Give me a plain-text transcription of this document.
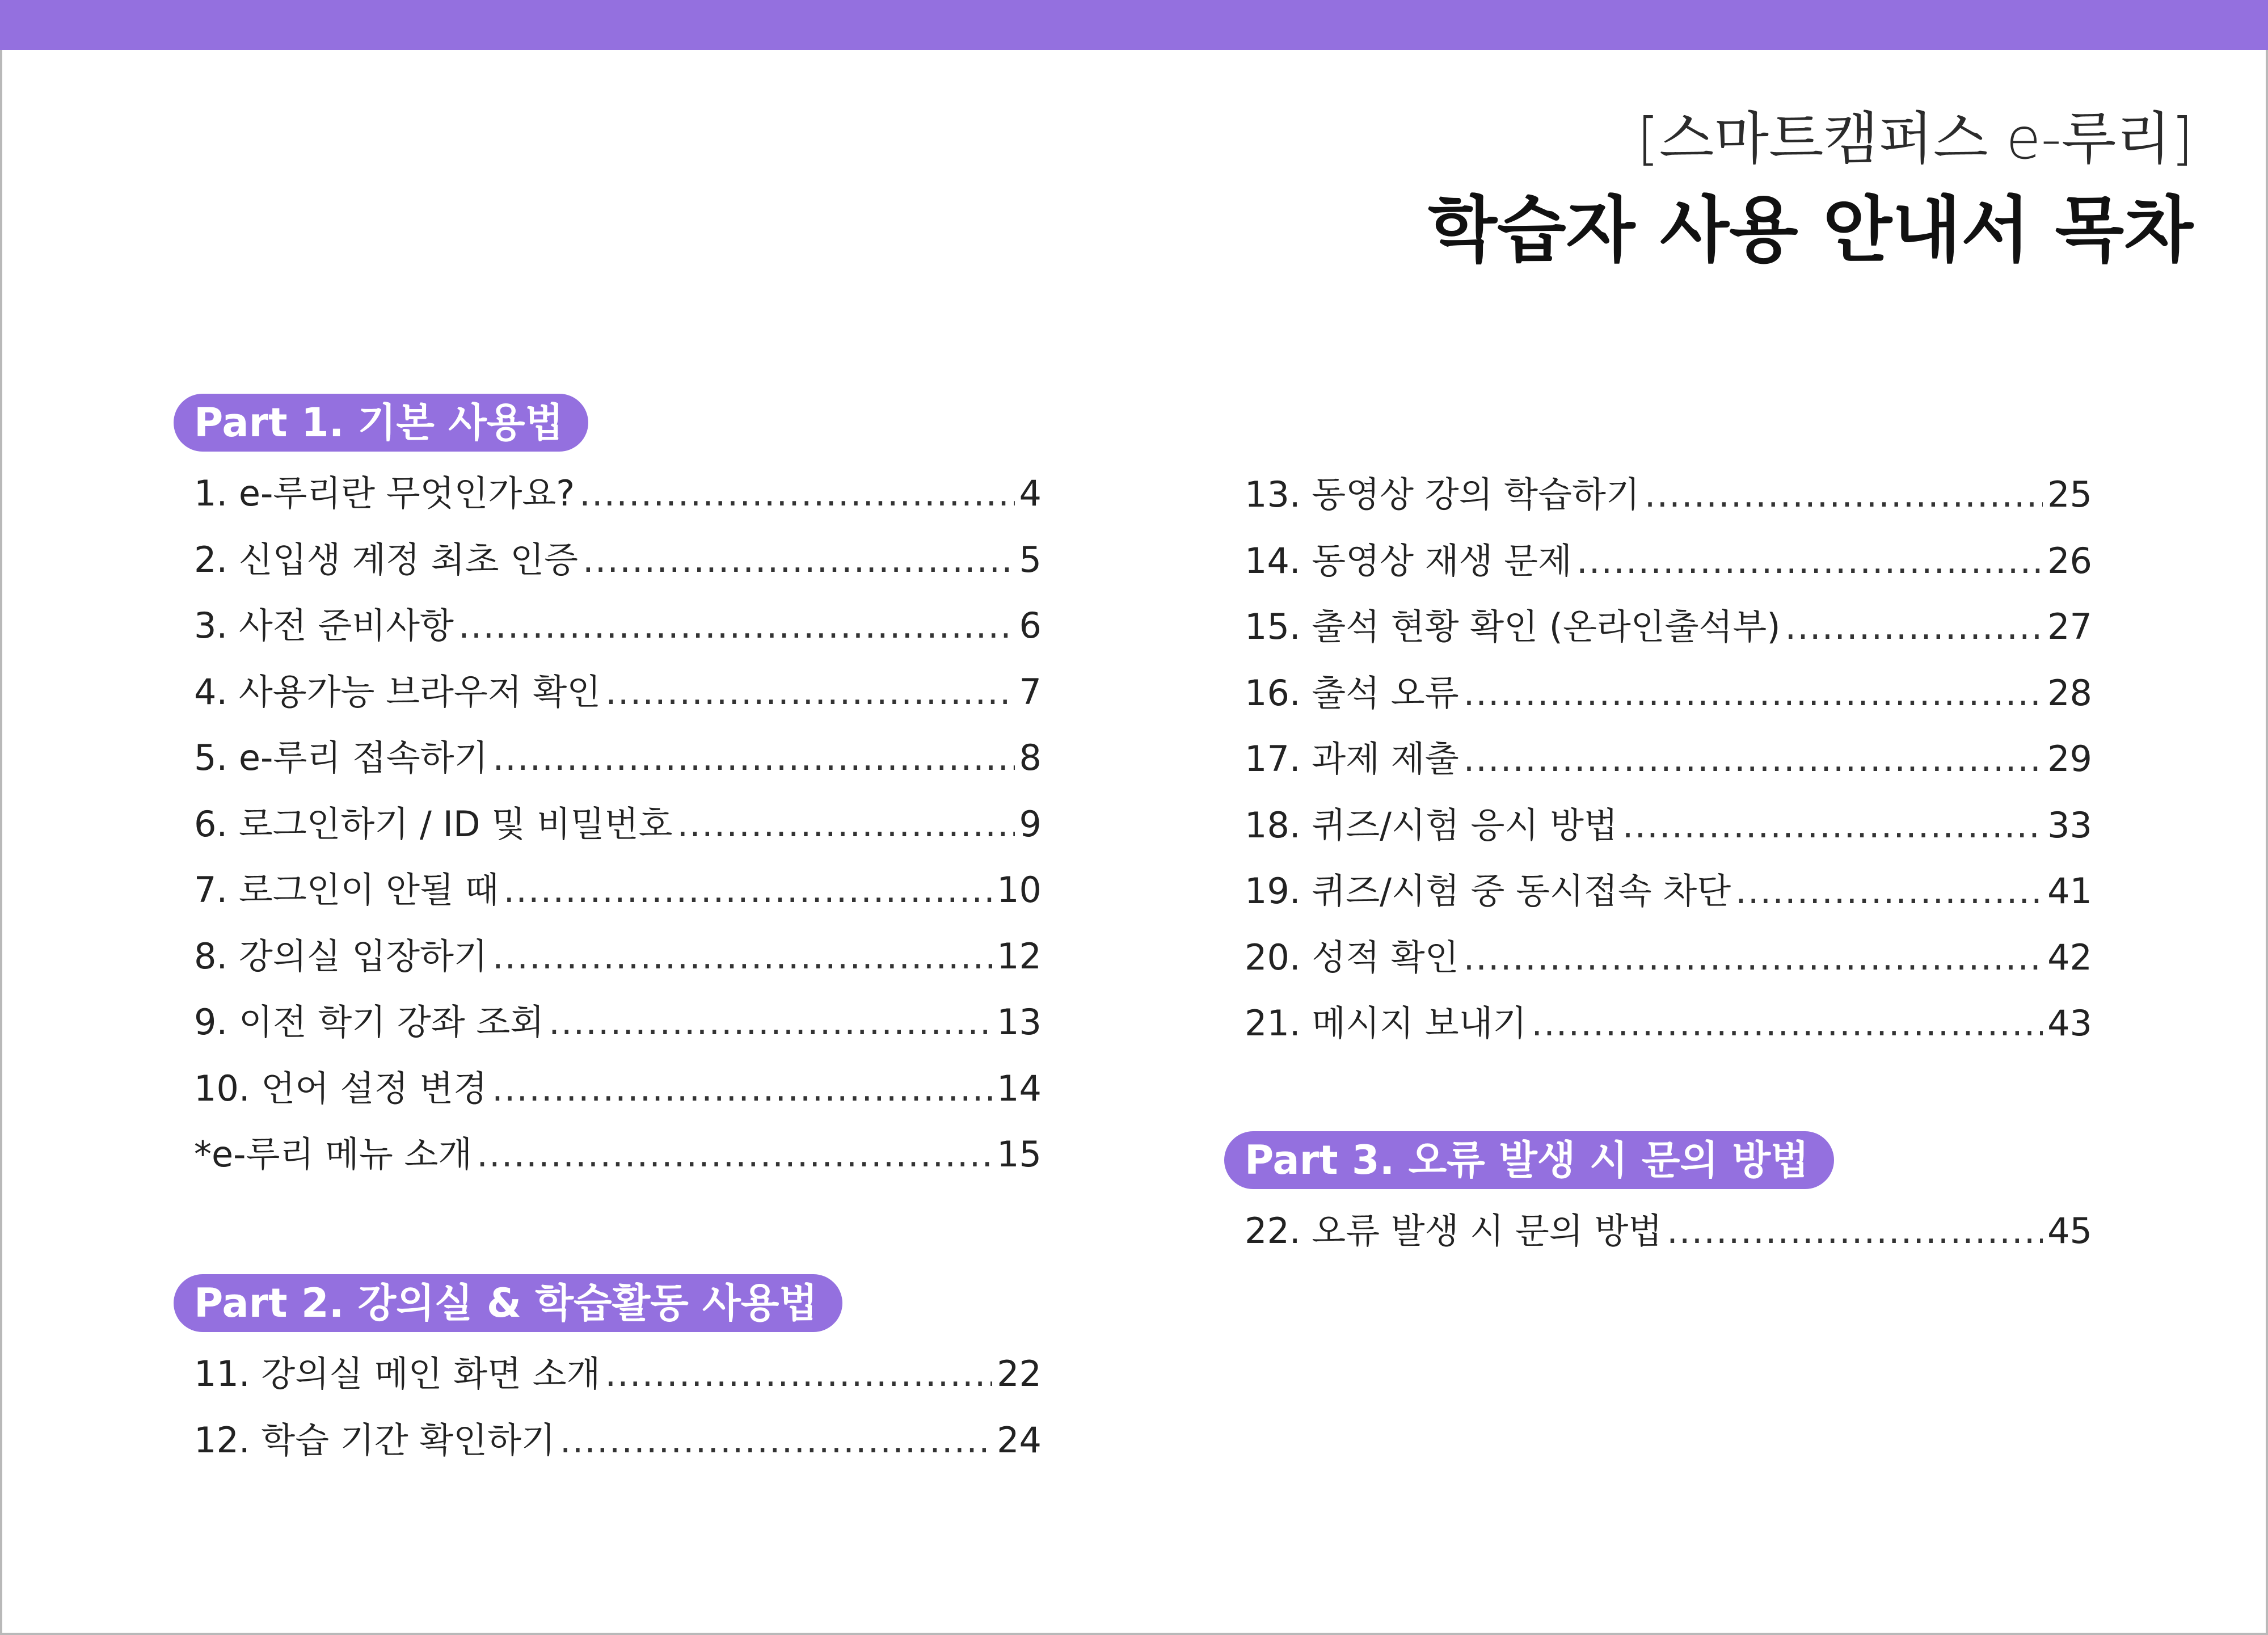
[스마트캠퍼스 e-루리]
학습자 사용 안내서 목차
Part 1. 기본 사용법
1. e-루리란 무엇인가요? .....	4
2. 신입생 계정 최초 인증 .....	5
3. 사전 준비사항 .....	6
4. 사용가능 브라우저 확인 .....	7
5. e-루리 접속하기 .....	8
6. 로그인하기 / ID 및 비밀번호 .....	9
7. 로그인이 안될 때 .....	10
8. 강의실 입장하기 .....	12
9. 이전 학기 강좌 조회 .....	13
10. 언어 설정 변경 .....	14
*e-루리 메뉴 소개 .....	15
Part 2. 강의실 & 학습활동 사용법
11. 강의실 메인 화면 소개 .....	22
12. 학습 기간 확인하기 .....	24
13. 동영상 강의 학습하기 .....	25
14. 동영상 재생 문제 .....	26
15. 출석 현황 확인 (온라인출석부) .....	27
16. 출석 오류 .....	28
17. 과제 제출 .....	29
18. 퀴즈/시험 응시 방법 .....	33
19. 퀴즈/시험 중 동시접속 차단 .....	41
20. 성적 확인 .....	42
21. 메시지 보내기 .....	43
Part 3. 오류 발생 시 문의 방법
22. 오류 발생 시 문의 방법 .....	45
